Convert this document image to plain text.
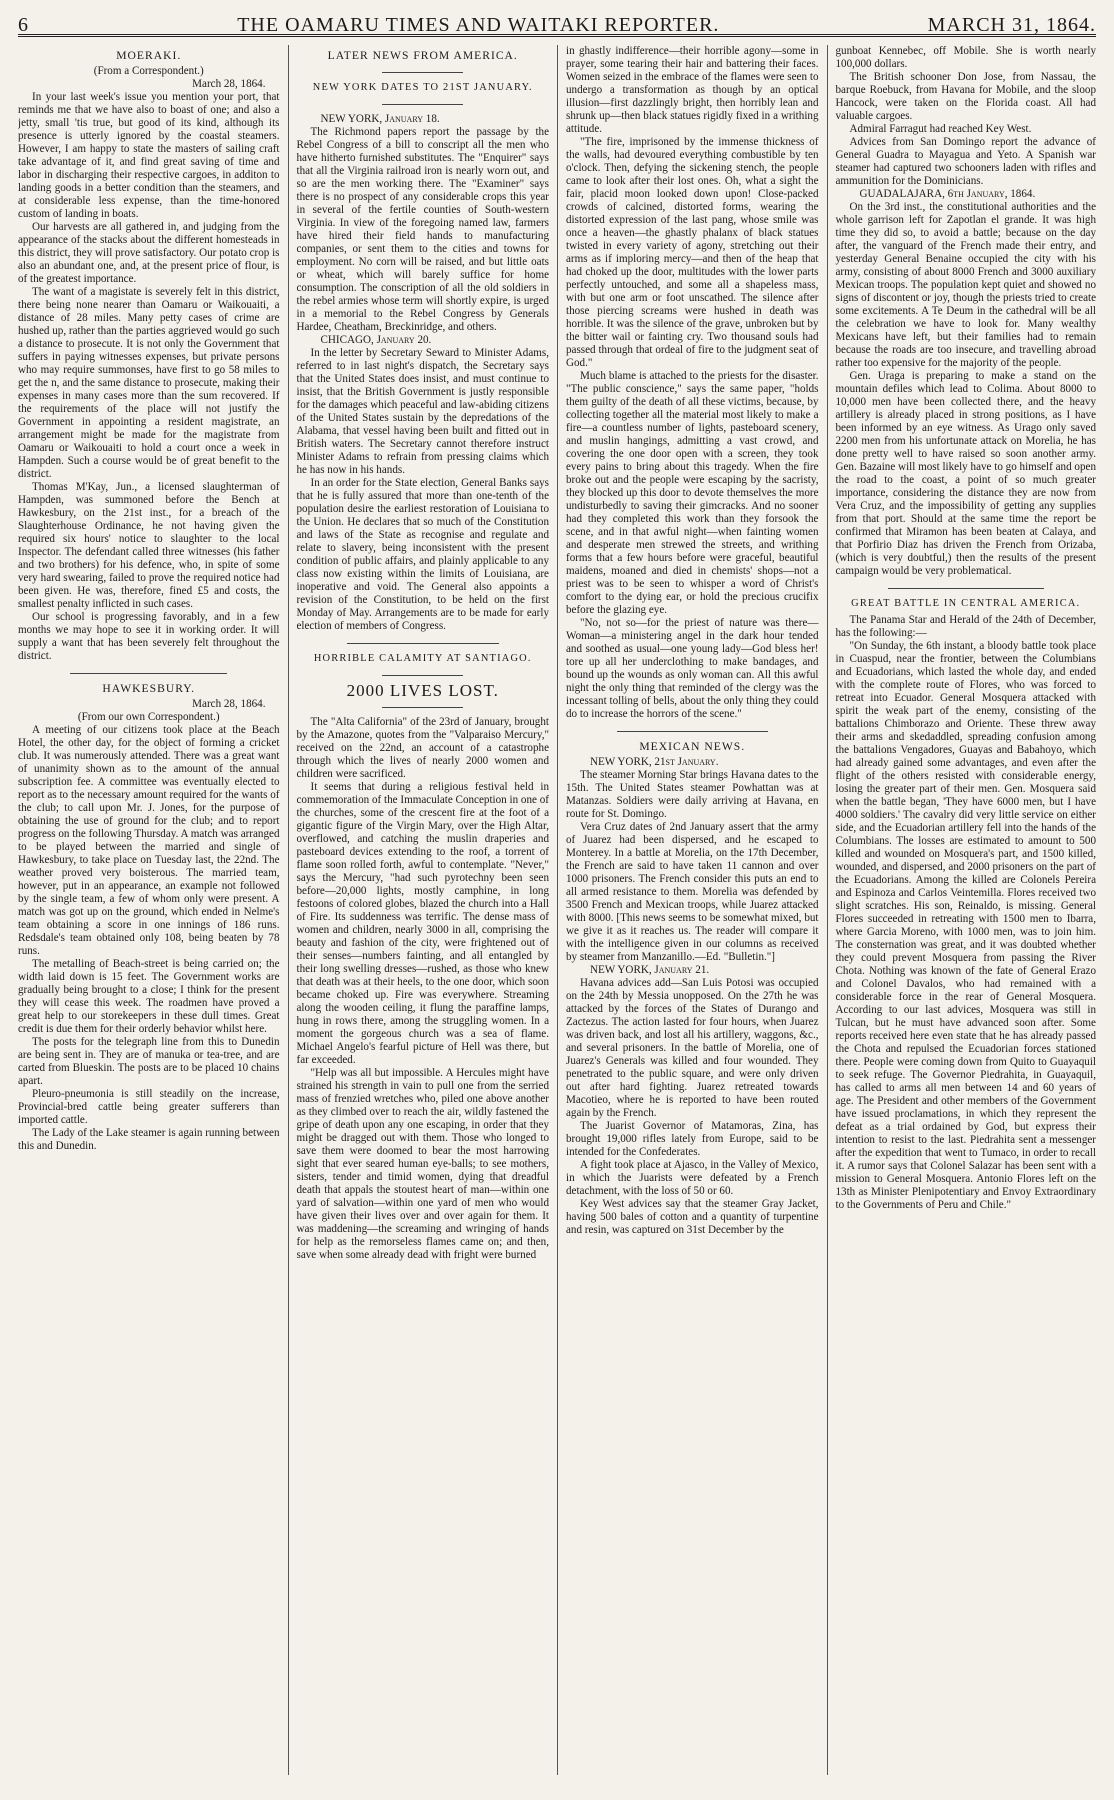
6	THE OAMARU TIMES AND WAITAKI REPORTER.	MARCH 31, 1864.
MOERAKI.
(From a Correspondent.)
March 28, 1864.

In your last week's issue you mention your port, that reminds me that we have also to boast of one; and also a jetty, small 'tis true, but good of its kind, although its presence is utterly ignored by the coastal steamers. However, I am happy to state the masters of sailing craft take advantage of it, and find great saving of time and labor in discharging their respective cargoes, in additon to landing goods in a better condition than the steamers, and at considerable less expense, than the time-honored custom of landing in boats.

Our harvests are all gathered in, and judging from the appearance of the stacks about the different homesteads in this district, they will prove satisfactory. Our potato crop is also an abundant one, and, at the present price of flour, is of the greatest importance.

The want of a magistate is severely felt in this district, there being none nearer than Oamaru or Waikouaiti, a distance of 28 miles. Many petty cases of crime are hushed up, rather than the parties aggrieved would go such a distance to prosecute. It is not only the Government that suffers in paying witnesses expenses, but private persons who may require summonses, have first to go 58 miles to get the n, and the same distance to prosecute, making their expenses in many cases more than the sum recovered. If the requirements of the place will not justify the Government in appointing a resident magistrate, an arrangement might be made for the magistrate from Oamaru or Waikouaiti to hold a court once a week in Hampden. Such a course would be of great benefit to the district.

Thomas M'Kay, Jun., a licensed slaughterman of Hampden, was summoned before the Bench at Hawkesbury, on the 21st inst., for a breach of the Slaughterhouse Ordinance, he not having given the required six hours' notice to slaughter to the local Inspector. The defendant called three witnesses (his father and two brothers) for his defence, who, in spite of some very hard swearing, failed to prove the required notice had been given. He was, therefore, fined £5 and costs, the smallest penalty inflicted in such cases.

Our school is progressing favorably, and in a few months we may hope to see it in working order. It will supply a want that has been severely felt throughout the district.

HAWKESBURY.
March 28, 1864.
(From our own Correspondent.)

A meeting of our citizens took place at the Beach Hotel, the other day, for the object of forming a cricket club. It was numerously attended. There was a great want of unanimity shown as to the amount of the annual subscription fee. A committee was eventually elected to report as to the necessary amount required for the wants of the club; to call upon Mr. J. Jones, for the purpose of obtaining the use of ground for the club; and to report progress on the following Thursday. A match was arranged to be played between the married and single of Hawkesbury, to take place on Tuesday last, the 22nd. The weather proved very boisterous. The married team, however, put in an appearance, an example not followed by the single team, a few of whom only were present. A match was got up on the ground, which ended in Nelme's team obtaining a score in one innings of 186 runs. Redsdale's team obtained only 108, being beaten by 78 runs.

The metalling of Beach-street is being carried on; the width laid down is 15 feet. The Government works are gradually being brought to a close; I think for the present they will cease this week. The roadmen have proved a great help to our storekeepers in these dull times. Great credit is due them for their orderly behavior whilst here.

The posts for the telegraph line from this to Dunedin are being sent in. They are of manuka or tea-tree, and are carted from Blueskin. The posts are to be placed 10 chains apart.

Pleuro-pneumonia is still steadily on the increase, Provincial-bred cattle being greater sufferers than imported cattle.

The Lady of the Lake steamer is again running between this and Dunedin.

LATER NEWS FROM AMERICA.
NEW YORK DATES TO 21ST JANUARY.

NEW YORK, January 18.

The Richmond papers report the passage by the Rebel Congress of a bill to conscript all the men who have hitherto furnished substitutes. The "Enquirer" says that all the Virginia railroad iron is nearly worn out, and so are the men working there. The "Examiner" says there is no prospect of any considerable crops this year in several of the fertile counties of South-western Virginia. In view of the foregoing named law, farmers have hired their field hands to manufacturing companies, or sent them to the cities and towns for employment. No corn will be raised, and but little oats or wheat, which will barely suffice for home consumption. The conscription of all the old soldiers in the rebel armies whose term will shortly expire, is urged in a memorial to the Rebel Congress by Generals Hardee, Cheatham, Breckinridge, and others.

CHICAGO, January 20.

In the letter by Secretary Seward to Minister Adams, referred to in last night's dispatch, the Secretary says that the United States does insist, and must continue to insist, that the British Government is justly responsible for the damages which peaceful and law-abiding citizens of the United States sustain by the depredations of the Alabama, that vessel having been built and fitted out in British waters. The Secretary cannot therefore instruct Minister Adams to refrain from pressing claims which he has now in his hands.

In an order for the State election, General Banks says that he is fully assured that more than one-tenth of the population desire the earliest restoration of Louisiana to the Union. He declares that so much of the Constitution and laws of the State as recognise and regulate and relate to slavery, being inconsistent with the present condition of public affairs, and plainly applicable to any class now existing within the limits of Louisiana, are inoperative and void. The General also appoints a revision of the Constitution, to be held on the first Monday of May. Arrangements are to be made for early election of members of Congress.

HORRIBLE CALAMITY AT SANTIAGO.
2000 LIVES LOST.

The "Alta California" of the 23rd of January, brought by the Amazone, quotes from the "Valparaiso Mercury," received on the 22nd, an account of a catastrophe through which the lives of nearly 2000 women and children were sacrificed.

It seems that during a religious festival held in commemoration of the Immaculate Conception in one of the churches, some of the crescent fire at the foot of a gigantic figure of the Virgin Mary, over the High Altar, overflowed, and catching the muslin draperies and pasteboard devices extending to the roof, a torrent of flame soon rolled forth, awful to contemplate. "Never," says the Mercury, "had such pyrotechny been seen before—20,000 lights, mostly camphine, in long festoons of colored globes, blazed the church into a Hall of Fire. Its suddenness was terrific. The dense mass of women and children, nearly 3000 in all, comprising the beauty and fashion of the city, were frightened out of their senses—numbers fainting, and all entangled by their long swelling dresses—rushed, as those who knew that death was at their heels, to the one door, which soon became choked up. Fire was everywhere. Streaming along the wooden ceiling, it flung the paraffine lamps, hung in rows there, among the struggling women. In a moment the gorgeous church was a sea of flame. Michael Angelo's fearful picture of Hell was there, but far exceeded.

"Help was all but impossible. A Hercules might have strained his strength in vain to pull one from the serried mass of frenzied wretches who, piled one above another as they climbed over to reach the air, wildly fastened the gripe of death upon any one escaping, in order that they might be dragged out with them. Those who longed to save them were doomed to bear the most harrowing sight that ever seared human eye-balls; to see mothers, sisters, tender and timid women, dying that dreadful death that appals the stoutest heart of man—within one yard of salvation—within one yard of men who would have given their lives over and over again for them. It was maddening—the screaming and wringing of hands for help as the remorseless flames came on; and then, save when some already dead with fright were burned

in ghastly indifference—their horrible agony—some in prayer, some tearing their hair and battering their faces. Women seized in the embrace of the flames were seen to undergo a transformation as though by an optical illusion—first dazzlingly bright, then horribly lean and shrunk up—then black statues rigidly fixed in a writhing attitude.

"The fire, imprisoned by the immense thickness of the walls, had devoured everything combustible by ten o'clock. Then, defying the sickening stench, the people came to look after their lost ones. Oh, what a sight the fair, placid moon looked down upon! Close-packed crowds of calcined, distorted forms, wearing the distorted expression of the last pang, whose smile was once a heaven—the ghastly phalanx of black statues twisted in every variety of agony, stretching out their arms as if imploring mercy—and then of the heap that had choked up the door, multitudes with the lower parts perfectly untouched, and some all a shapeless mass, with but one arm or foot unscathed. The silence after those piercing screams were hushed in death was horrible. It was the silence of the grave, unbroken but by the bitter wail or fainting cry. Two thousand souls had passed through that ordeal of fire to the judgment seat of God."

Much blame is attached to the priests for the disaster. "The public conscience," says the same paper, "holds them guilty of the death of all these victims, because, by collecting together all the material most likely to make a fire—a countless number of lights, pasteboard scenery, and muslin hangings, admitting a vast crowd, and covering the one door open with a screen, they took every pains to bring about this tragedy. When the fire broke out and the people were escaping by the sacristy, they blocked up this door to devote themselves the more undisturbedly to saving their gimcracks. And no sooner had they completed this work than they forsook the scene, and in that awful night—when fainting women and desperate men strewed the streets, and writhing forms that a few hours before were graceful, beautiful maidens, moaned and died in chemists' shops—not a priest was to be seen to whisper a word of Christ's comfort to the dying ear, or hold the precious crucifix before the glazing eye.

"No, not so—for the priest of nature was there—Woman—a ministering angel in the dark hour tended and soothed as usual—one young lady—God bless her! tore up all her underclothing to make bandages, and bound up the wounds as only woman can. All this awful night the only thing that reminded of the clergy was the incessant tolling of bells, about the only thing they could do to increase the horrors of the scene."

MEXICAN NEWS.

NEW YORK, 21st January.

The steamer Morning Star brings Havana dates to the 15th. The United States steamer Powhattan was at Matanzas. Soldiers were daily arriving at Havana, en route for St. Domingo.

Vera Cruz dates of 2nd January assert that the army of Juarez had been dispersed, and he escaped to Monterey. In a battle at Morelia, on the 17th December, the French are said to have taken 11 cannon and over 1000 prisoners. The French consider this puts an end to all armed resistance to them. Morelia was defended by 3500 French and Mexican troops, while Juarez attacked with 8000. [This news seems to be somewhat mixed, but we give it as it reaches us. The reader will compare it with the intelligence given in our columns as received by steamer from Manzanillo.—Ed. "Bulletin."]

NEW YORK, January 21.

Havana advices add—San Luis Potosi was occupied on the 24th by Messia unopposed. On the 27th he was attacked by the forces of the States of Durango and Zactezus. The action lasted for four hours, when Juarez was driven back, and lost all his artillery, waggons, &c., and several prisoners. In the battle of Morelia, one of Juarez's Generals was killed and four wounded. They penetrated to the public square, and were only driven out after hard fighting. Juarez retreated towards Macotieo, where he is reported to have been routed again by the French.

The Juarist Governor of Matamoras, Zina, has brought 19,000 rifles lately from Europe, said to be intended for the Confederates.

A fight took place at Ajasco, in the Valley of Mexico, in which the Juarists were defeated by a French detachment, with the loss of 50 or 60.

Key West advices say that the steamer Gray Jacket, having 500 bales of cotton and a quantity of turpentine and resin, was captured on 31st December by the

gunboat Kennebec, off Mobile. She is worth nearly 100,000 dollars.

The British schooner Don Jose, from Nassau, the barque Roebuck, from Havana for Mobile, and the sloop Hancock, were taken on the Florida coast. All had valuable cargoes.

Admiral Farragut had reached Key West.

Advices from San Domingo report the advance of General Guadra to Mayagua and Yeto. A Spanish war steamer had captured two schooners laden with rifles and ammunition for the Dominicians.

GUADALAJARA, 6th January, 1864.

On the 3rd inst., the constitutional authorities and the whole garrison left for Zapotlan el grande. It was high time they did so, to avoid a battle; because on the day after, the vanguard of the French made their entry, and yesterday General Benaine occupied the city with his army, consisting of about 8000 French and 3000 auxiliary Mexican troops. The population kept quiet and showed no signs of discontent or joy, though the priests tried to create some excitements. A Te Deum in the cathedral will be all the celebration we have to look for. Many wealthy Mexicans have left, but their families had to remain because the roads are too insecure, and travelling abroad rather too expensive for the majority of the people.

Gen. Uraga is preparing to make a stand on the mountain defiles which lead to Colima. About 8000 to 10,000 men have been collected there, and the heavy artillery is already placed in strong positions, as I have been informed by an eye witness. As Urago only saved 2200 men from his unfortunate attack on Morelia, he has done pretty well to have raised so soon another army. Gen. Bazaine will most likely have to go himself and open the road to the coast, a point of so much greater importance, considering the distance they are now from Vera Cruz, and the impossibility of getting any supplies from that port. Should at the same time the report be confirmed that Miramon has been beaten at Calaya, and that Porfirio Diaz has driven the French from Orizaba, (which is very doubtful,) then the results of the present campaign would be very problematical.

GREAT BATTLE IN CENTRAL AMERICA.

The Panama Star and Herald of the 24th of December, has the following:—

"On Sunday, the 6th instant, a bloody battle took place in Cuaspud, near the frontier, between the Columbians and Ecuadorians, which lasted the whole day, and ended with the complete route of Flores, who was forced to retreat into Ecuador. General Mosquera attacked with spirit the weak part of the enemy, consisting of the battalions Chimborazo and Oriente. These threw away their arms and skedaddled, spreading confusion among the battalions Vengadores, Guayas and Babahoyo, which had already gained some advantages, and even after the flight of the others resisted with considerable energy, losing the greater part of their men. Gen. Mosquera said when the battle began, 'They have 6000 men, but I have 4000 soldiers.' The cavalry did very little service on either side, and the Ecuadorian artillery fell into the hands of the Columbians. The losses are estimated to amount to 500 killed and wounded on Mosquera's part, and 1500 killed, wounded, and dispersed, and 2000 prisoners on the part of the Ecuadorians. Among the killed are Colonels Pereira and Espinoza and Carlos Veintemilla. Flores received two slight scratches. His son, Reinaldo, is missing. General Flores succeeded in retreating with 1500 men to Ibarra, where Garcia Moreno, with 1000 men, was to join him. The consternation was great, and it was doubted whether they could prevent Mosquera from passing the River Chota. Nothing was known of the fate of General Erazo and Colonel Davalos, who had remained with a considerable force in the rear of General Mosquera. According to our last advices, Mosquera was still in Tulcan, but he must have advanced soon after. Some reports received here even state that he has already passed the Chota and repulsed the Ecuadorian forces stationed there. People were coming down from Quito to Guayaquil to seek refuge. The Governor Piedrahita, in Guayaquil, has called to arms all men between 14 and 60 years of age. The President and other members of the Government have issued proclamations, in which they represent the defeat as a trial ordained by God, but express their intention to resist to the last. Piedrahita sent a messenger after the expedition that went to Tumaco, in order to recall it. A rumor says that Colonel Salazar has been sent with a mission to General Mosquera. Antonio Flores left on the 13th as Minister Plenipotentiary and Envoy Extraordinary to the Governments of Peru and Chile."
